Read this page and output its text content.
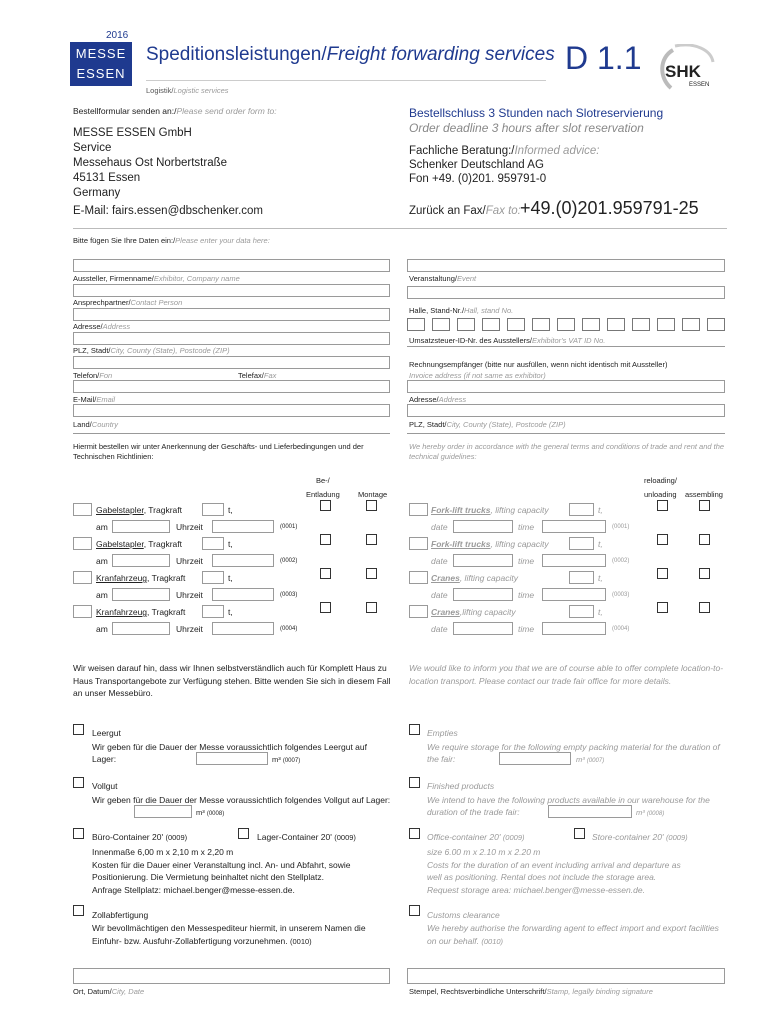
2016
MESSE
ESSEN
Speditionsleistungen/Freight forwarding services
Logistik/Logistic services
D 1.1 SHK
ESSEN
Bestellformular senden an:/Please send order form to:
MESSE ESSEN GmbH
Service
Messehaus Ost Norbertstraße
45131 Essen
Germany
E-Mail: fairs.essen@dbschenker.com
Bestellschluss 3 Stunden nach Slotreservierung
Order deadline 3 hours after slot reservation
Fachliche Beratung:/Informed advice:
Schenker Deutschland AG
Fon +49. (0)201. 959791-0
Zurück an Fax/Fax to: +49.(0)201.959791-25
Bitte fügen Sie Ihre Daten ein:/Please enter your data here:
Aussteller, Firmenname/Exhibitor, Company name
Ansprechpartner/Contact Person
Adresse/Address
PLZ, Stadt/City, County (State), Postcode (ZIP)
Telefon/Fon	Telefax/Fax
E-Mail/Email
Land/Country
Veranstaltung/Event
Halle, Stand-Nr./Hall, stand No.
Umsatzsteuer-ID-Nr. des Ausstellers/Exhibitor's VAT ID No.
Rechnungsempfänger (bitte nur ausfüllen, wenn nicht identisch mit Aussteller)
Invoice address (if not same as exhibitor)
Adresse/Address
PLZ, Stadt/City, County (State), Postcode (ZIP)
Hiermit bestellen wir unter Anerkennung der Geschäfts- und Lieferbedingungen und der Technischen Richtlinien:
We hereby order in accordance with the general terms and conditions of trade and rent and the technical guidelines:
Be-/
Entladung Montage
reloading/
unloading assembling
Gabelstapler, Tragkraft	t,
am	Uhrzeit	(0001)
Fork-lift trucks, lifting capacity	t,
date	time	(0001)
Gabelstapler, Tragkraft	t,
am	Uhrzeit	(0002)
Fork-lift trucks, lifting capacity	t,
date	time	(0002)
Kranfahrzeug, Tragkraft	t,
am	Uhrzeit	(0003)
Cranes, lifting capacity	t,
date	time	(0003)
Kranfahrzeug, Tragkraft	t,
am	Uhrzeit	(0004)
Cranes,lifting capacity	t,
date	time	(0004)
Wir weisen darauf hin, dass wir Ihnen selbstverständlich auch für Komplett Haus zu Haus Transportangebote zur Verfügung stehen. Bitte wenden Sie sich in diesem Fall an unser Messebüro.
We would like to inform you that we are of course able to offer complete location-to-location transport. Please contact our trade fair office for more details.
Leergut
Wir geben für die Dauer der Messe voraussichtlich folgendes Leergut auf Lager:	m³ (0007)
Empties
We require storage for the following empty packing material for the duration of the fair:	m³ (0007)
Vollgut
Wir geben für die Dauer der Messe voraussichtlich folgendes Vollgut auf Lager:
m³ (0008)
Finished products
We intend to have the following products available in our warehouse for the duration of the trade fair:	m³ (0008)
Büro-Container 20' (0009)	Lager-Container 20' (0009)
Innenmaße 6,00 m x 2,10 m x 2,20 m
Kosten für die Dauer einer Veranstaltung incl. An- und Abfahrt, sowie
Positionierung. Die Vermietung beinhaltet nicht den Stellplatz.
Anfrage Stellplatz: michael.benger@messe-essen.de.
Office-container 20' (0009)	Store-container 20' (0009)
size 6.00 m x 2.10 m x 2.20 m
Costs for the duration of an event including arrival and departure as
well as positioning. Rental does not include the storage area.
Request storage area: michael.benger@messe-essen.de.
Zollabfertigung
Wir bevollmächtigen den Messespediteur hiermit, in unserem Namen die Einfuhr- bzw. Ausfuhr-Zollabfertigung vorzunehmen. (0010)
Customs clearance
We hereby authorise the forwarding agent to effect import and export facilities on our behalf. (0010)
Ort, Datum/City, Date	Stempel, Rechtsverbindliche Unterschrift/Stamp, legally binding signature
